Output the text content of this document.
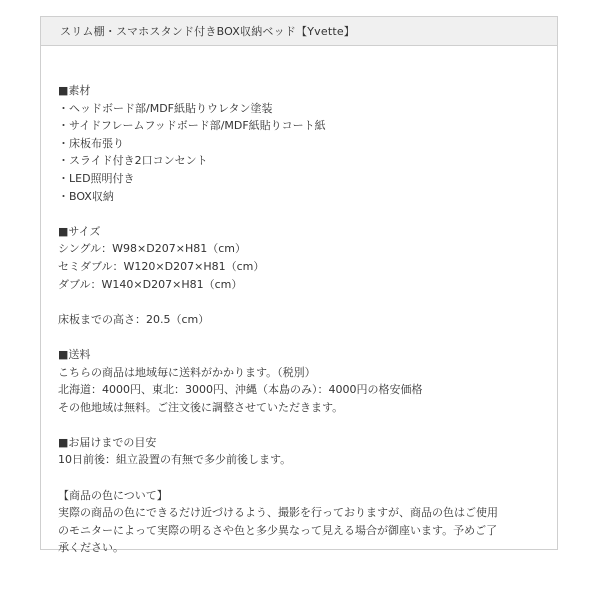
スリム棚・スマホスタンド付きBOX収納ベッド【Yvette】
■素材
・ヘッドボード部/MDF紙貼りウレタン塗装
・サイドフレームフッドボード部/MDF紙貼りコート紙
・床板布張り
・スライド付き2口コンセント
・LED照明付き
・BOX収納
■サイズ
シングル：W98×D207×H81（cm）
セミダブル：W120×D207×H81（cm）
ダブル：W140×D207×H81（cm）
床板までの高さ：20.5（cm）
■送料
こちらの商品は地域毎に送料がかかります。（税別）
北海道：4000円、東北：3000円、沖縄（本島のみ）：4000円の格安価格
その他地域は無料。ご注文後に調整させていただきます。
■お届けまでの目安
10日前後：組立設置の有無で多少前後します。
【商品の色について】
実際の商品の色にできるだけ近づけるよう、撮影を行っておりますが、商品の色はご使用
のモニターによって実際の明るさや色と多少異なって見える場合が御座います。予めご了
承ください。
